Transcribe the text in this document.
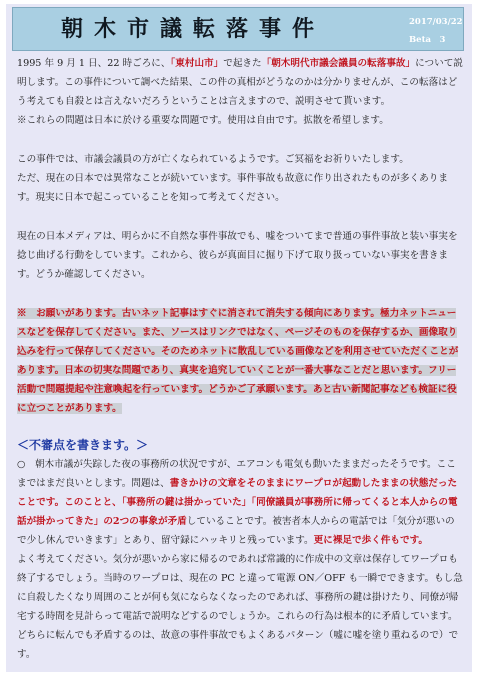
朝木市議転落事件	2017/03/22
Beta　3

1995 年 9 月 1 日、22 時ごろに、「東村山市」で起きた「朝木明代市議会議員の転落事故」について説明します。この事件について調べた結果、この件の真相がどうなのかは分かりませんが、この転落はどう考えても自殺とは言えないだろうということは言えますので、説明させて貰います。

※これらの問題は日本に於ける重要な問題です。使用は自由です。拡散を希望します。

この事件では、市議会議員の方が亡くなられているようです。ご冥福をお祈りいたします。

ただ、現在の日本では異常なことが続いています。事件事故も故意に作り出されたものが多くあります。現実に日本で起こっていることを知って考えてください。

現在の日本メディアは、明らかに不自然な事件事故でも、嘘をついてまで普通の事件事故と装い事実を捻じ曲げる行動をしています。これから、彼らが真面目に掘り下げて取り扱っていない事実を書きます。どうか確認してください。

※　お願いがあります。古いネット記事はすぐに消されて消失する傾向にあります。極力ネットニュースなどを保存してください。また、ソースはリンクではなく、ページそのものを保存するか、画像取り込みを行って保存してください。そのためネットに散乱している画像などを利用させていただくことがあります。日本の切実な問題であり、真実を追究していくことが一番大事なことだと思います。フリー活動で問題提起や注意喚起を行っています。どうかご了承願います。あと古い新聞記事なども検証に役に立つことがあります。

＜不審点を書きます。＞

○　朝木市議が失踪した夜の事務所の状況ですが、エアコンも電気も動いたままだったそうです。ここまではまだ良いとします。問題は、書きかけの文章をそのままにワープロが起動したままの状態だったことです。このことと、「事務所の鍵は掛かっていた」「同僚議員が事務所に帰ってくると本人からの電話が掛かってきた」の2つの事象が矛盾していることです。被害者本人からの電話では「気分が悪いので少し休んでいきます」とあり、留守録にハッキリと残っています。更に裸足で歩く件もです。

よく考えてください。気分が悪いから家に帰るのであれば常識的に作成中の文章は保存してワープロも終了するでしょう。当時のワープロは、現在の PC と違って電源 ON／OFF も一瞬でできます。もし急に自殺したくなり周囲のことが何も気にならなくなったのであれば、事務所の鍵は掛けたり、同僚が帰宅する時間を見計らって電話で説明などするのでしょうか。これらの行為は根本的に矛盾しています。どちらに転んでも矛盾するのは、故意の事件事故でもよくあるパターン（嘘に嘘を塗り重ねるので）です。
